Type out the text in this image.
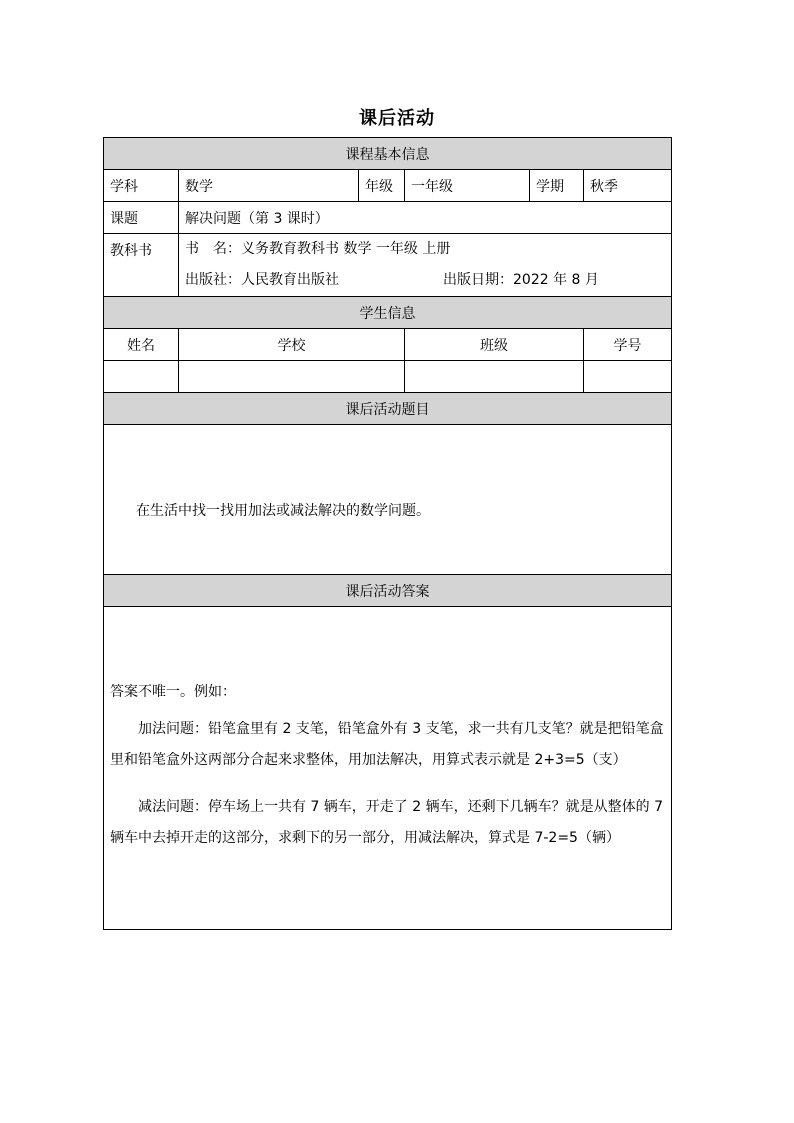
课后活动
课程基本信息					
学科	数学	年级	一年级	学期	秋季
课题	解决问题（第 3 课时）				
教科书	书　名：义务教育教科书 数学 一年级 上册
出版社：人民教育出版社 出版日期：2022 年 8 月				

学生信息					
姓名	学校		班级		学号

课后活动题目					

在生活中找一找用加法或减法解决的数学问题。					

课后活动答案					

答案不唯一。例如：
加法问题：铅笔盒里有 2 支笔，铅笔盒外有 3 支笔，求一共有几支笔？就是把铅笔盒里和铅笔盒外这两部分合起来求整体，用加法解决，用算式表示就是 2+3=5（支）
减法问题：停车场上一共有 7 辆车，开走了 2 辆车，还剩下几辆车？就是从整体的 7 辆车中去掉开走的这部分，求剩下的另一部分，用减法解决，算式是 7-2=5（辆）					
